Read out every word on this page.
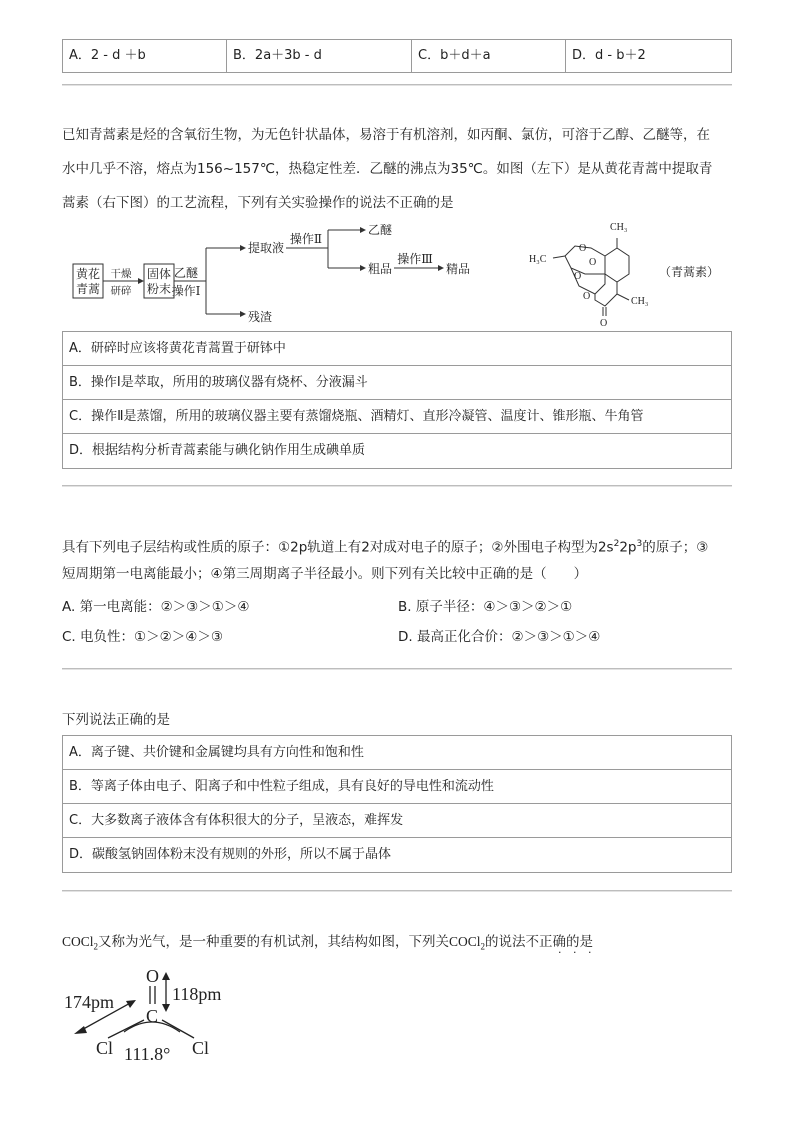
A．2 - d ＋b	B．2a＋3b - d	C．b＋d＋a	D．d - b＋2
已知青蒿素是烃的含氧衍生物，为无色针状晶体，易溶于有机溶剂，如丙酮、氯仿，可溶于乙醇、乙醚等，在
水中几乎不溶，熔点为156~157℃，热稳定性差．乙醚的沸点为35℃。如图（左下）是从黄花青蒿中提取青
蒿素（右下图）的工艺流程，下列有关实验操作的说法不正确的是
黄花
青蒿
干燥
研碎
固体
粉末
乙醚
操作Ⅰ
提取液
残渣
操作Ⅱ
乙醚
粗品
操作Ⅲ
精品
CH₃
H₃C
O
O
O
O	CH₃
O
（青蒿素）
A．研碎时应该将黄花青蒿置于研钵中
B．操作Ⅰ是萃取，所用的玻璃仪器有烧杯、分液漏斗
C．操作Ⅱ是蒸馏，所用的玻璃仪器主要有蒸馏烧瓶、酒精灯、直形冷凝管、温度计、锥形瓶、牛角管
D．根据结构分析青蒿素能与碘化钠作用生成碘单质
具有下列电子层结构或性质的原子：①2p轨道上有2对成对电子的原子；②外围电子构型为$2s^22p^3$的原子；③
短周期第一电离能最小；④第三周期离子半径最小。则下列有关比较中正确的是（　　）
A. 第一电离能：②＞③＞①＞④	B. 原子半径：④＞③＞②＞①
C. 电负性：①＞②＞④＞③	D. 最高正化合价：②＞③＞①＞④
下列说法正确的是
A．离子键、共价键和金属键均具有方向性和饱和性
B．等离子体由电子、阳离子和中性粒子组成，具有良好的导电性和流动性
C．大多数离子液体含有体积很大的分子，呈液态，难挥发
D．碳酸氢钠固体粉末没有规则的外形，所以不属于晶体
COCl$_2$又称为光气，是一种重要的有机试剂，其结构如图，下列关COCl$_2$的说法不正确的是
· · ·
O
C
118pm
174pm
Cl 111.8° Cl
